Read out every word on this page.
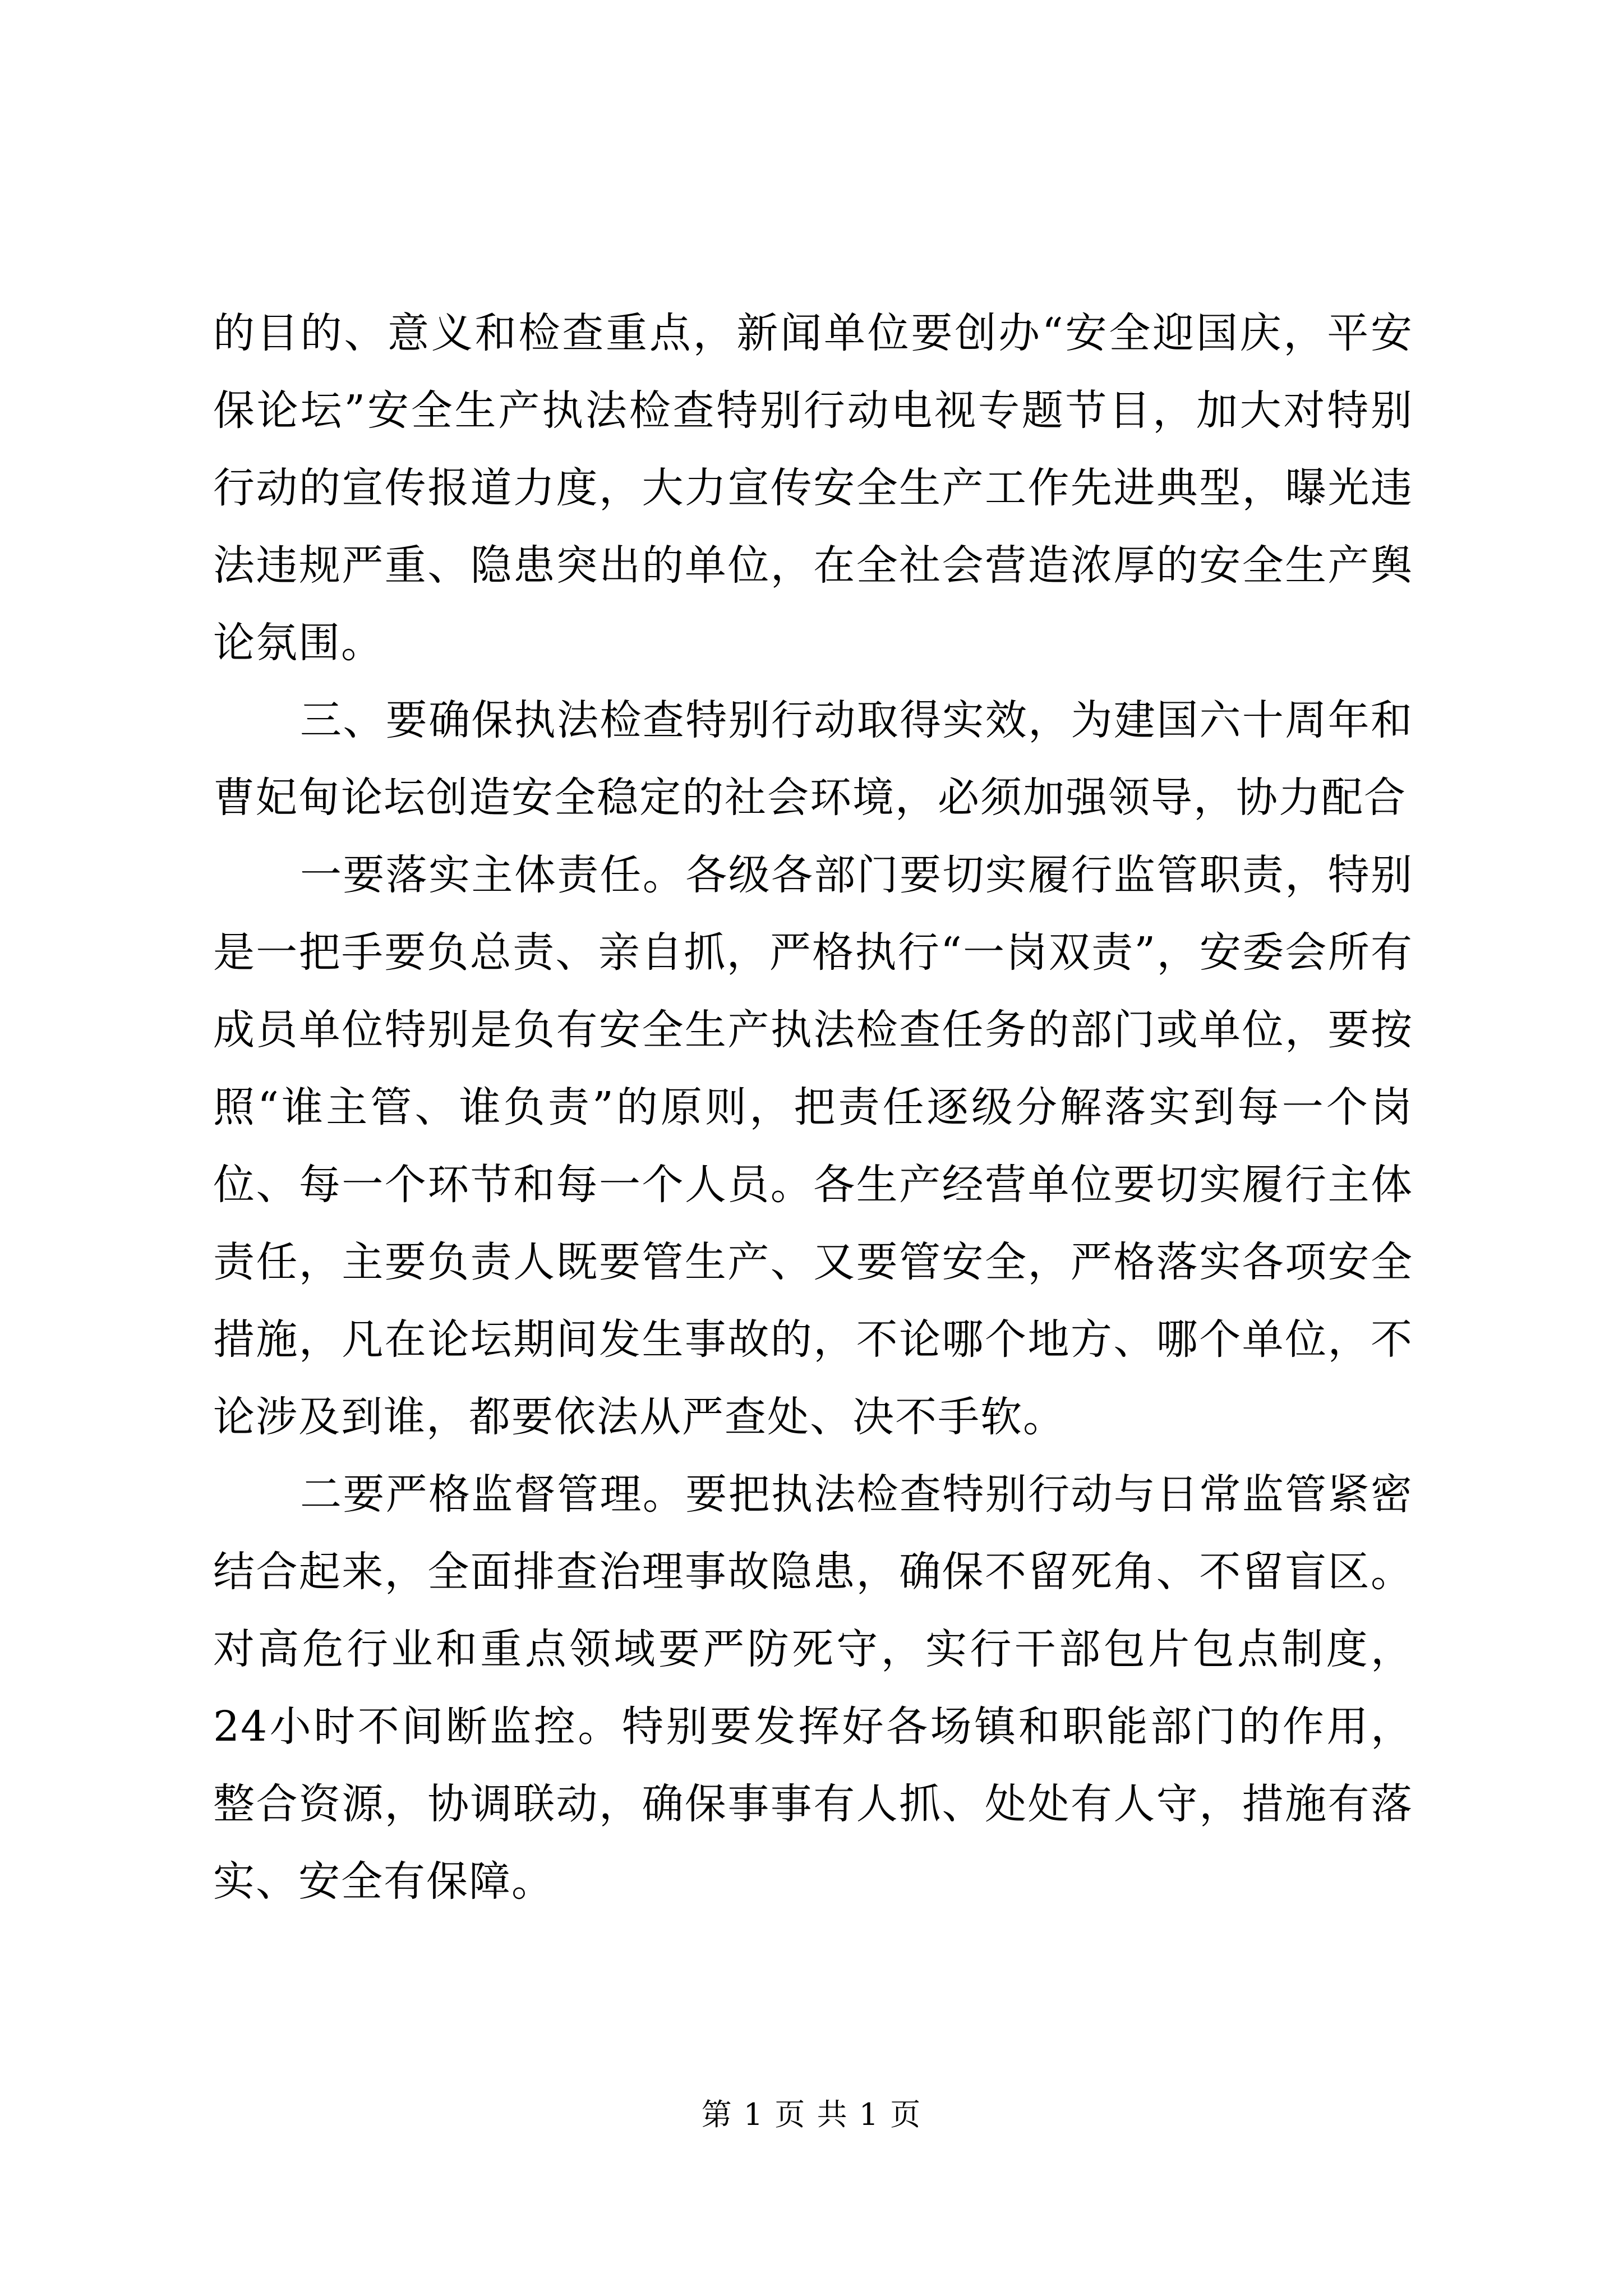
的目的、意义和检查重点，新闻单位要创办“安全迎国庆，平安保论坛”安全生产执法检查特别行动电视专题节目，加大对特别行动的宣传报道力度，大力宣传安全生产工作先进典型，曝光违法违规严重、隐患突出的单位，在全社会营造浓厚的安全生产舆论氛围。

三、要确保执法检查特别行动取得实效，为建国六十周年和曹妃甸论坛创造安全稳定的社会环境，必须加强领导，协力配合

一要落实主体责任。各级各部门要切实履行监管职责，特别是一把手要负总责、亲自抓，严格执行“一岗双责”，安委会所有成员单位特别是负有安全生产执法检查任务的部门或单位，要按照“谁主管、谁负责”的原则，把责任逐级分解落实到每一个岗位、每一个环节和每一个人员。各生产经营单位要切实履行主体责任，主要负责人既要管生产、又要管安全，严格落实各项安全措施，凡在论坛期间发生事故的，不论哪个地方、哪个单位，不论涉及到谁，都要依法从严查处、决不手软。

二要严格监督管理。要把执法检查特别行动与日常监管紧密结合起来，全面排查治理事故隐患，确保不留死角、不留盲区。对高危行业和重点领域要严防死守，实行干部包片包点制度，24小时不间断监控。特别要发挥好各场镇和职能部门的作用，整合资源，协调联动，确保事事有人抓、处处有人守，措施有落实、安全有保障。

第 1 页 共 1 页
